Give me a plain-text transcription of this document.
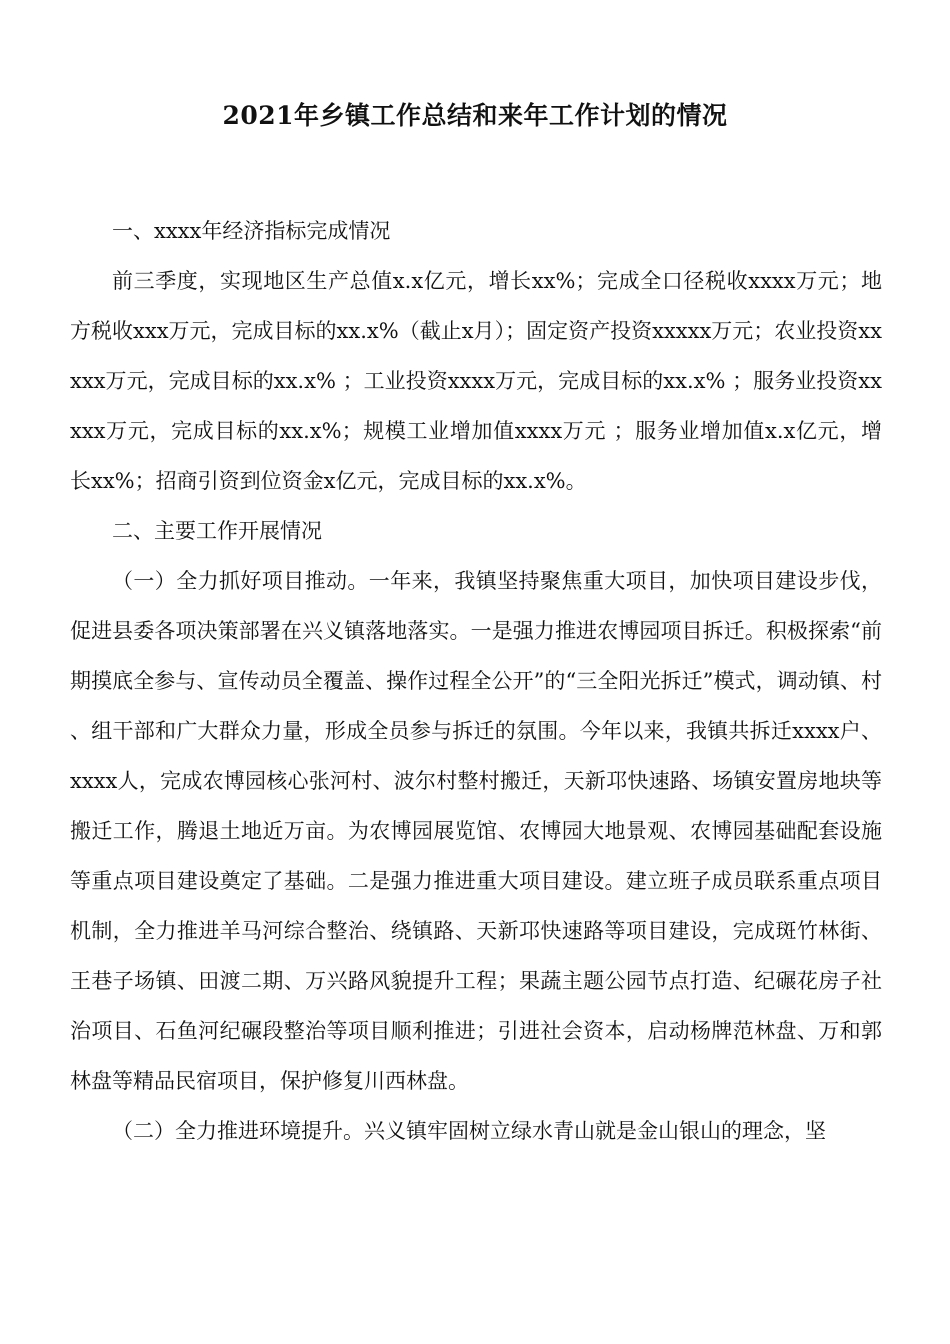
2021年乡镇工作总结和来年工作计划的情况

一、xxxx年经济指标完成情况

前三季度，实现地区生产总值x.x亿元，增长xx%；完成全口径税收xxxx万元；地方税收xxx万元，完成目标的xx.x%（截止x月）；固定资产投资xxxxx万元；农业投资xxxxx万元，完成目标的xx.x% ；工业投资xxxx万元，完成目标的xx.x% ；服务业投资xxxxx万元，完成目标的xx.x%；规模工业增加值xxxx万元 ；服务业增加值x.x亿元，增长xx%；招商引资到位资金x亿元，完成目标的xx.x%。

二、主要工作开展情况

（一）全力抓好项目推动。一年来，我镇坚持聚焦重大项目，加快项目建设步伐，促进县委各项决策部署在兴义镇落地落实。一是强力推进农博园项目拆迁。积极探索“前期摸底全参与、宣传动员全覆盖、操作过程全公开”的“三全阳光拆迁”模式，调动镇、村、组干部和广大群众力量，形成全员参与拆迁的氛围。今年以来，我镇共拆迁xxxx户、xxxx人，完成农博园核心张河村、波尔村整村搬迁，天新邛快速路、场镇安置房地块等搬迁工作，腾退土地近万亩。为农博园展览馆、农博园大地景观、农博园基础配套设施等重点项目建设奠定了基础。二是强力推进重大项目建设。建立班子成员联系重点项目机制，全力推进羊马河综合整治、绕镇路、天新邛快速路等项目建设，完成斑竹林街、王巷子场镇、田渡二期、万兴路风貌提升工程；果蔬主题公园节点打造、纪碾花房子社治项目、石鱼河纪碾段整治等项目顺利推进；引进社会资本，启动杨牌范林盘、万和郭林盘等精品民宿项目，保护修复川西林盘。

（二）全力推进环境提升。兴义镇牢固树立绿水青山就是金山银山的理念，坚
